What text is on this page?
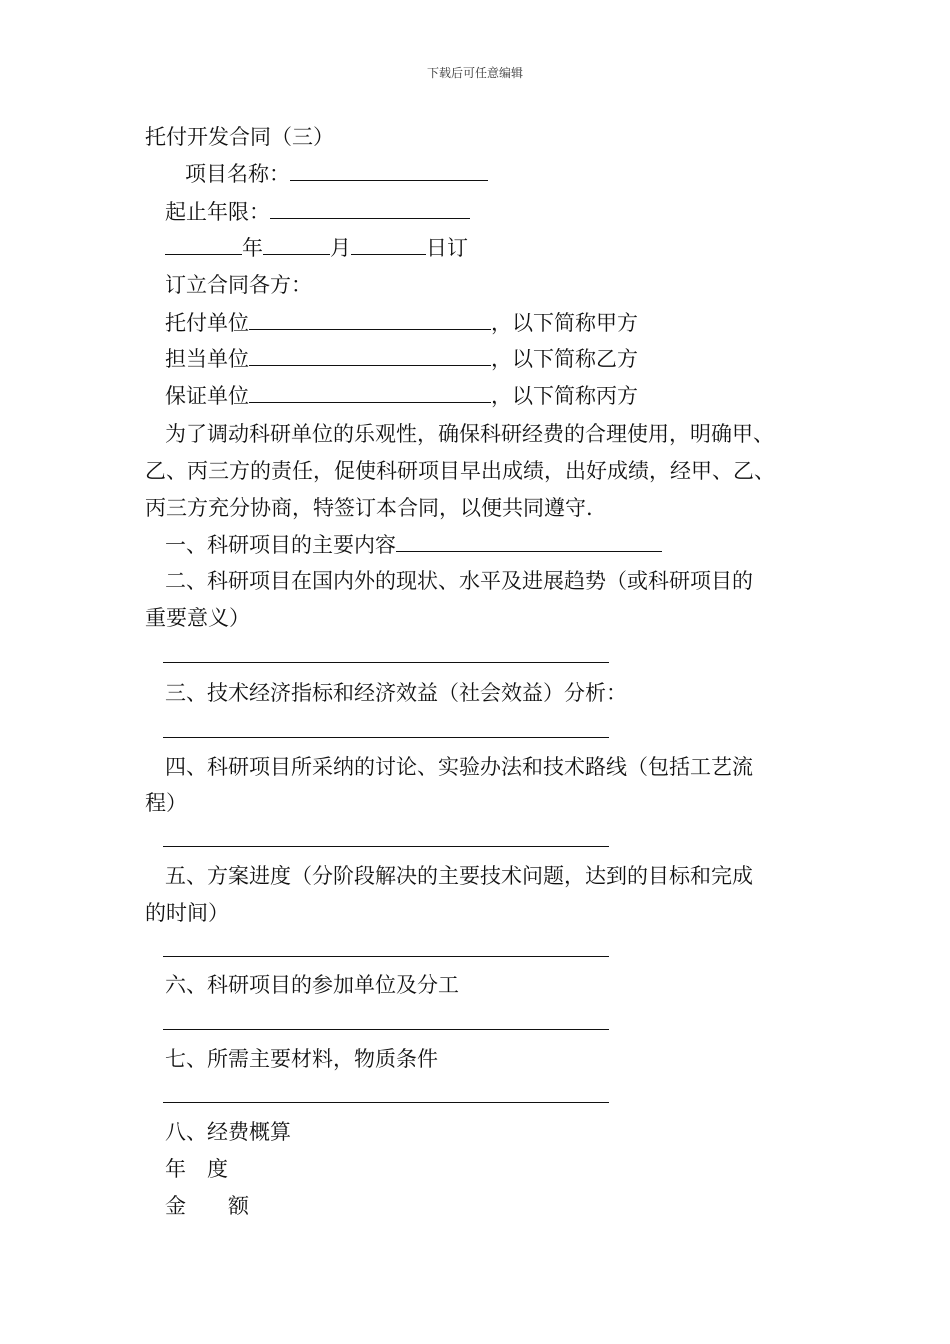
下载后可任意编辑

托付开发合同（三）

项目名称：

起止年限：

年	月	日订

订立合同各方：

托付单位	，以下简称甲方

担当单位	，以下简称乙方

保证单位	，以下简称丙方

为了调动科研单位的乐观性，确保科研经费的合理使用，明确甲、

乙、丙三方的责任，促使科研项目早出成绩，出好成绩，经甲、乙、

丙三方充分协商，特签订本合同，以便共同遵守.

一、科研项目的主要内容

二、科研项目在国内外的现状、水平及进展趋势（或科研项目的

重要意义）

三、技术经济指标和经济效益（社会效益）分析：

四、科研项目所采纳的讨论、实验办法和技术路线（包括工艺流

程）

五、方案进度（分阶段解决的主要技术问题，达到的目标和完成

的时间）

六、科研项目的参加单位及分工

七、所需主要材料，物质条件

八、经费概算

年　度

金　　额
